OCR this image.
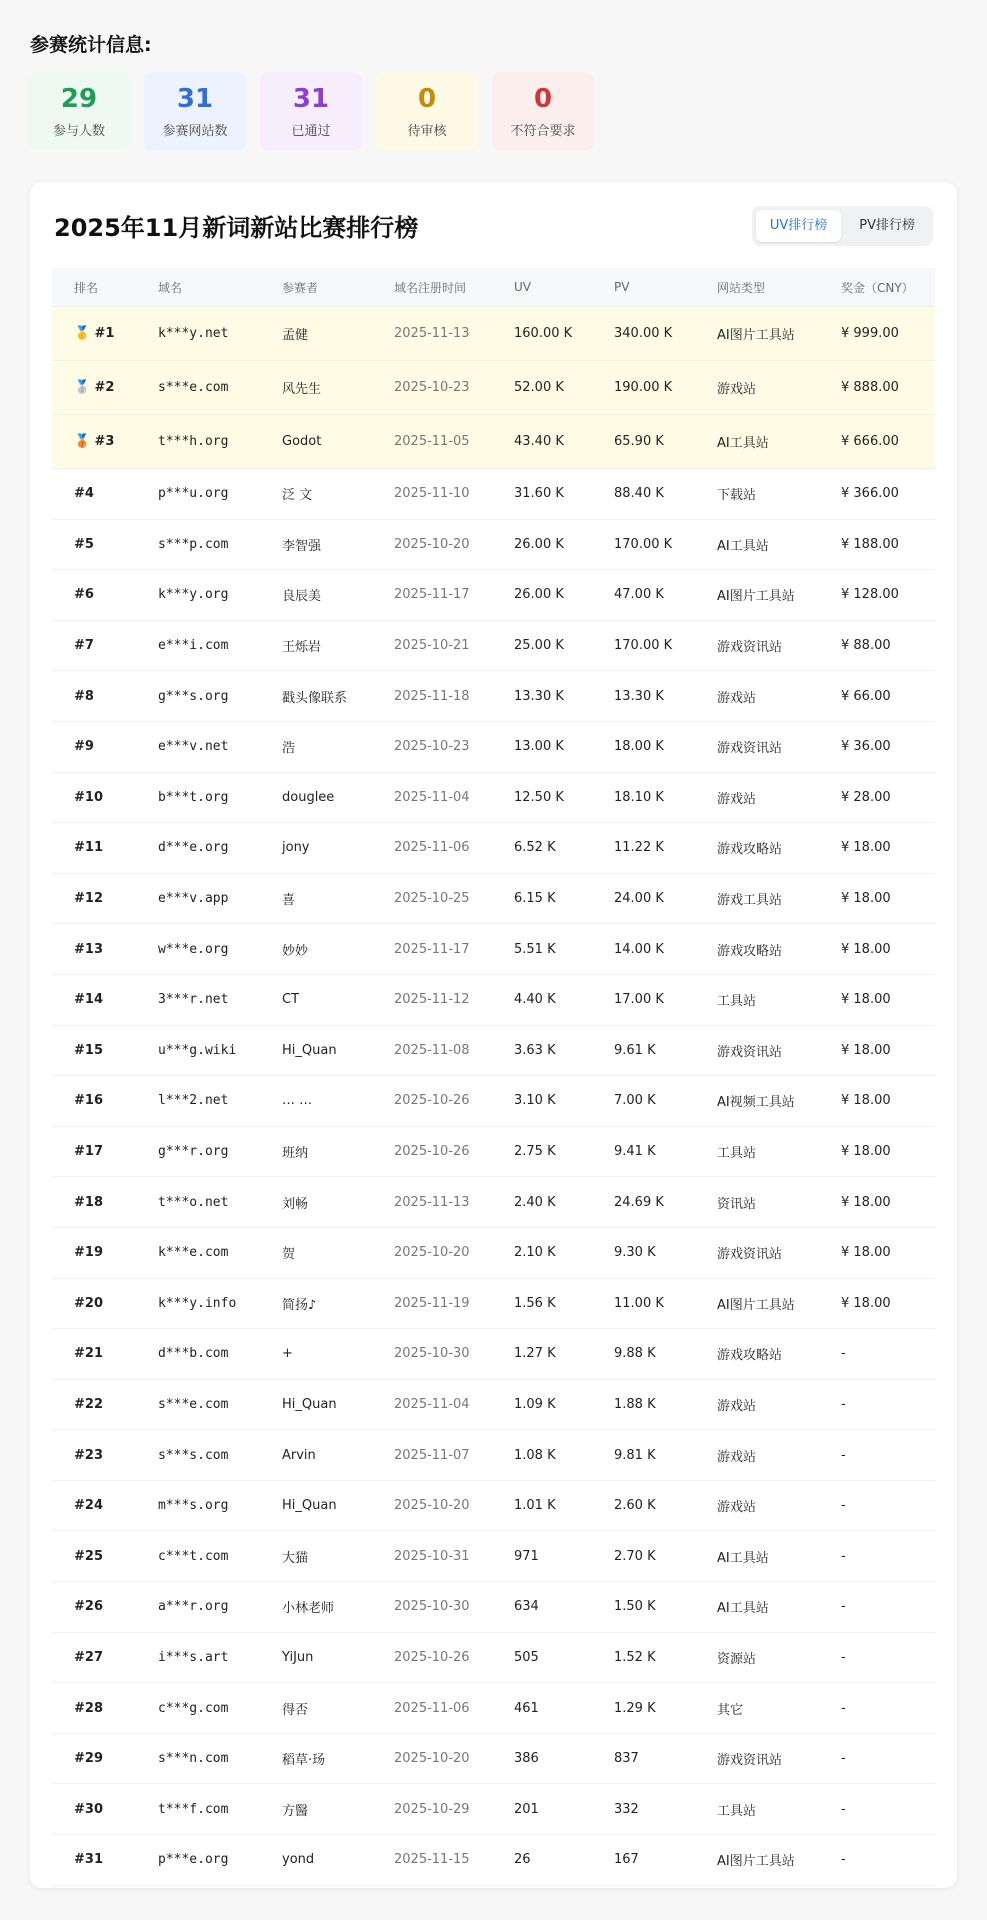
参赛统计信息:
29
参与人数
31
参赛网站数
31
已通过
0
待审核
0
不符合要求
2025年11月新词新站比赛排行榜	UV排行榜	PV排行榜
排名	域名	参赛者	域名注册时间	UV	PV	网站类型	奖金（CNY）
🥇 #1	k***y.net	孟健	2025-11-13	160.00 K	340.00 K	AI图片工具站	¥ 999.00
🥈 #2	s***e.com	风先生	2025-10-23	52.00 K	190.00 K	游戏站	¥ 888.00
🥉 #3	t***h.org	Godot	2025-11-05	43.40 K	65.90 K	AI工具站	¥ 666.00
#4	p***u.org	泛 文	2025-11-10	31.60 K	88.40 K	下载站	¥ 366.00
#5	s***p.com	李智强	2025-10-20	26.00 K	170.00 K	AI工具站	¥ 188.00
#6	k***y.org	良辰美	2025-11-17	26.00 K	47.00 K	AI图片工具站	¥ 128.00
#7	e***i.com	王烁岩	2025-10-21	25.00 K	170.00 K	游戏资讯站	¥ 88.00
#8	g***s.org	戳头像联系	2025-11-18	13.30 K	13.30 K	游戏站	¥ 66.00
#9	e***v.net	浩	2025-10-23	13.00 K	18.00 K	游戏资讯站	¥ 36.00
#10	b***t.org	douglee	2025-11-04	12.50 K	18.10 K	游戏站	¥ 28.00
#11	d***e.org	jony	2025-11-06	6.52 K	11.22 K	游戏攻略站	¥ 18.00
#12	e***v.app	喜	2025-10-25	6.15 K	24.00 K	游戏工具站	¥ 18.00
#13	w***e.org	妙妙	2025-11-17	5.51 K	14.00 K	游戏攻略站	¥ 18.00
#14	3***r.net	CT	2025-11-12	4.40 K	17.00 K	工具站	¥ 18.00
#15	u***g.wiki	Hi_Quan	2025-11-08	3.63 K	9.61 K	游戏资讯站	¥ 18.00
#16	l***2.net	… …	2025-10-26	3.10 K	7.00 K	AI视频工具站	¥ 18.00
#17	g***r.org	班纳	2025-10-26	2.75 K	9.41 K	工具站	¥ 18.00
#18	t***o.net	刘畅	2025-11-13	2.40 K	24.69 K	资讯站	¥ 18.00
#19	k***e.com	贺	2025-10-20	2.10 K	9.30 K	游戏资讯站	¥ 18.00
#20	k***y.info	简扬♪	2025-11-19	1.56 K	11.00 K	AI图片工具站	¥ 18.00
#21	d***b.com	+	2025-10-30	1.27 K	9.88 K	游戏攻略站	-
#22	s***e.com	Hi_Quan	2025-11-04	1.09 K	1.88 K	游戏站	-
#23	s***s.com	Arvin	2025-11-07	1.08 K	9.81 K	游戏站	-
#24	m***s.org	Hi_Quan	2025-10-20	1.01 K	2.60 K	游戏站	-
#25	c***t.com	大猫	2025-10-31	971	2.70 K	AI工具站	-
#26	a***r.org	小林老师	2025-10-30	634	1.50 K	AI工具站	-
#27	i***s.art	YiJun	2025-10-26	505	1.52 K	资源站	-
#28	c***g.com	得否	2025-11-06	461	1.29 K	其它	-
#29	s***n.com	稻草·玚	2025-10-20	386	837	游戏资讯站	-
#30	t***f.com	方醫	2025-10-29	201	332	工具站	-
#31	p***e.org	yond	2025-11-15	26	167	AI图片工具站	-
